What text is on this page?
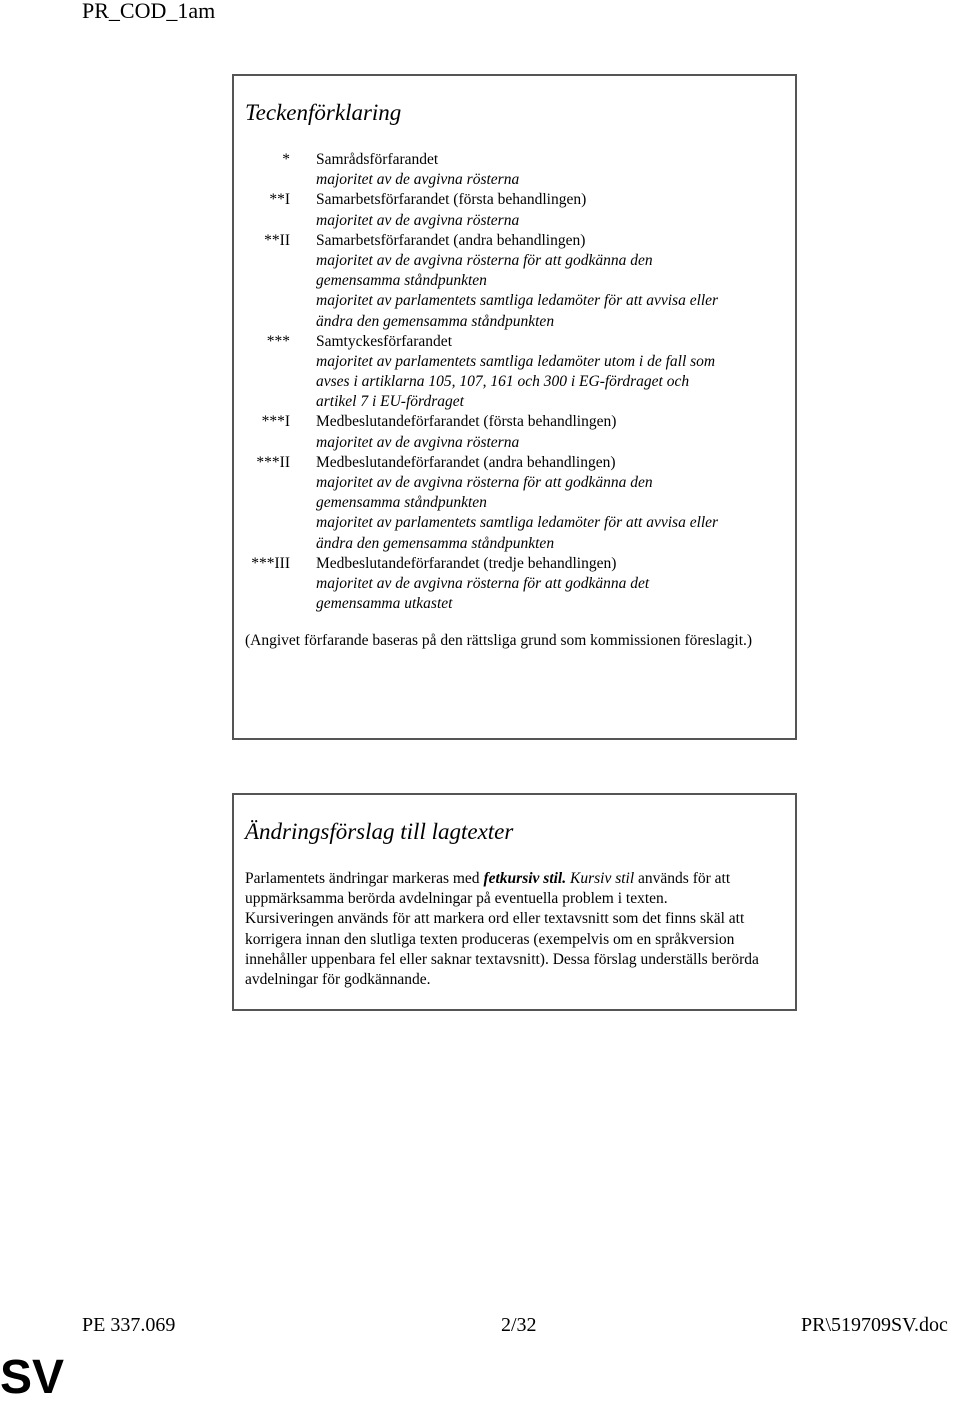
PR_COD_1am
Teckenförklaring
* Samrådsförfarandet
majoritet av de avgivna rösterna
**I Samarbetsförfarandet (första behandlingen)
majoritet av de avgivna rösterna
**II Samarbetsförfarandet (andra behandlingen)
majoritet av de avgivna rösterna för att godkänna den
gemensamma ståndpunkten
majoritet av parlamentets samtliga ledamöter för att avvisa eller
ändra den gemensamma ståndpunkten
*** Samtyckesförfarandet
majoritet av parlamentets samtliga ledamöter utom i de fall som
avses i artiklarna 105, 107, 161 och 300 i EG-fördraget och
artikel 7 i EU-fördraget
***I Medbeslutandeförfarandet (första behandlingen)
majoritet av de avgivna rösterna
***II Medbeslutandeförfarandet (andra behandlingen)
majoritet av de avgivna rösterna för att godkänna den
gemensamma ståndpunkten
majoritet av parlamentets samtliga ledamöter för att avvisa eller
ändra den gemensamma ståndpunkten
***III Medbeslutandeförfarandet (tredje behandlingen)
majoritet av de avgivna rösterna för att godkänna det
gemensamma utkastet
(Angivet förfarande baseras på den rättsliga grund som kommissionen föreslagit.)
Ändringsförslag till lagtexter
Parlamentets ändringar markeras med fetkursiv stil. Kursiv stil används för att uppmärksamma berörda avdelningar på eventuella problem i texten.
Kursiveringen används för att markera ord eller textavsnitt som det finns skäl att korrigera innan den slutliga texten produceras (exempelvis om en språkversion innehåller uppenbara fel eller saknar textavsnitt). Dessa förslag underställs berörda avdelningar för godkännande.
PE 337.069	2/32	PR\519709SV.doc
SV
